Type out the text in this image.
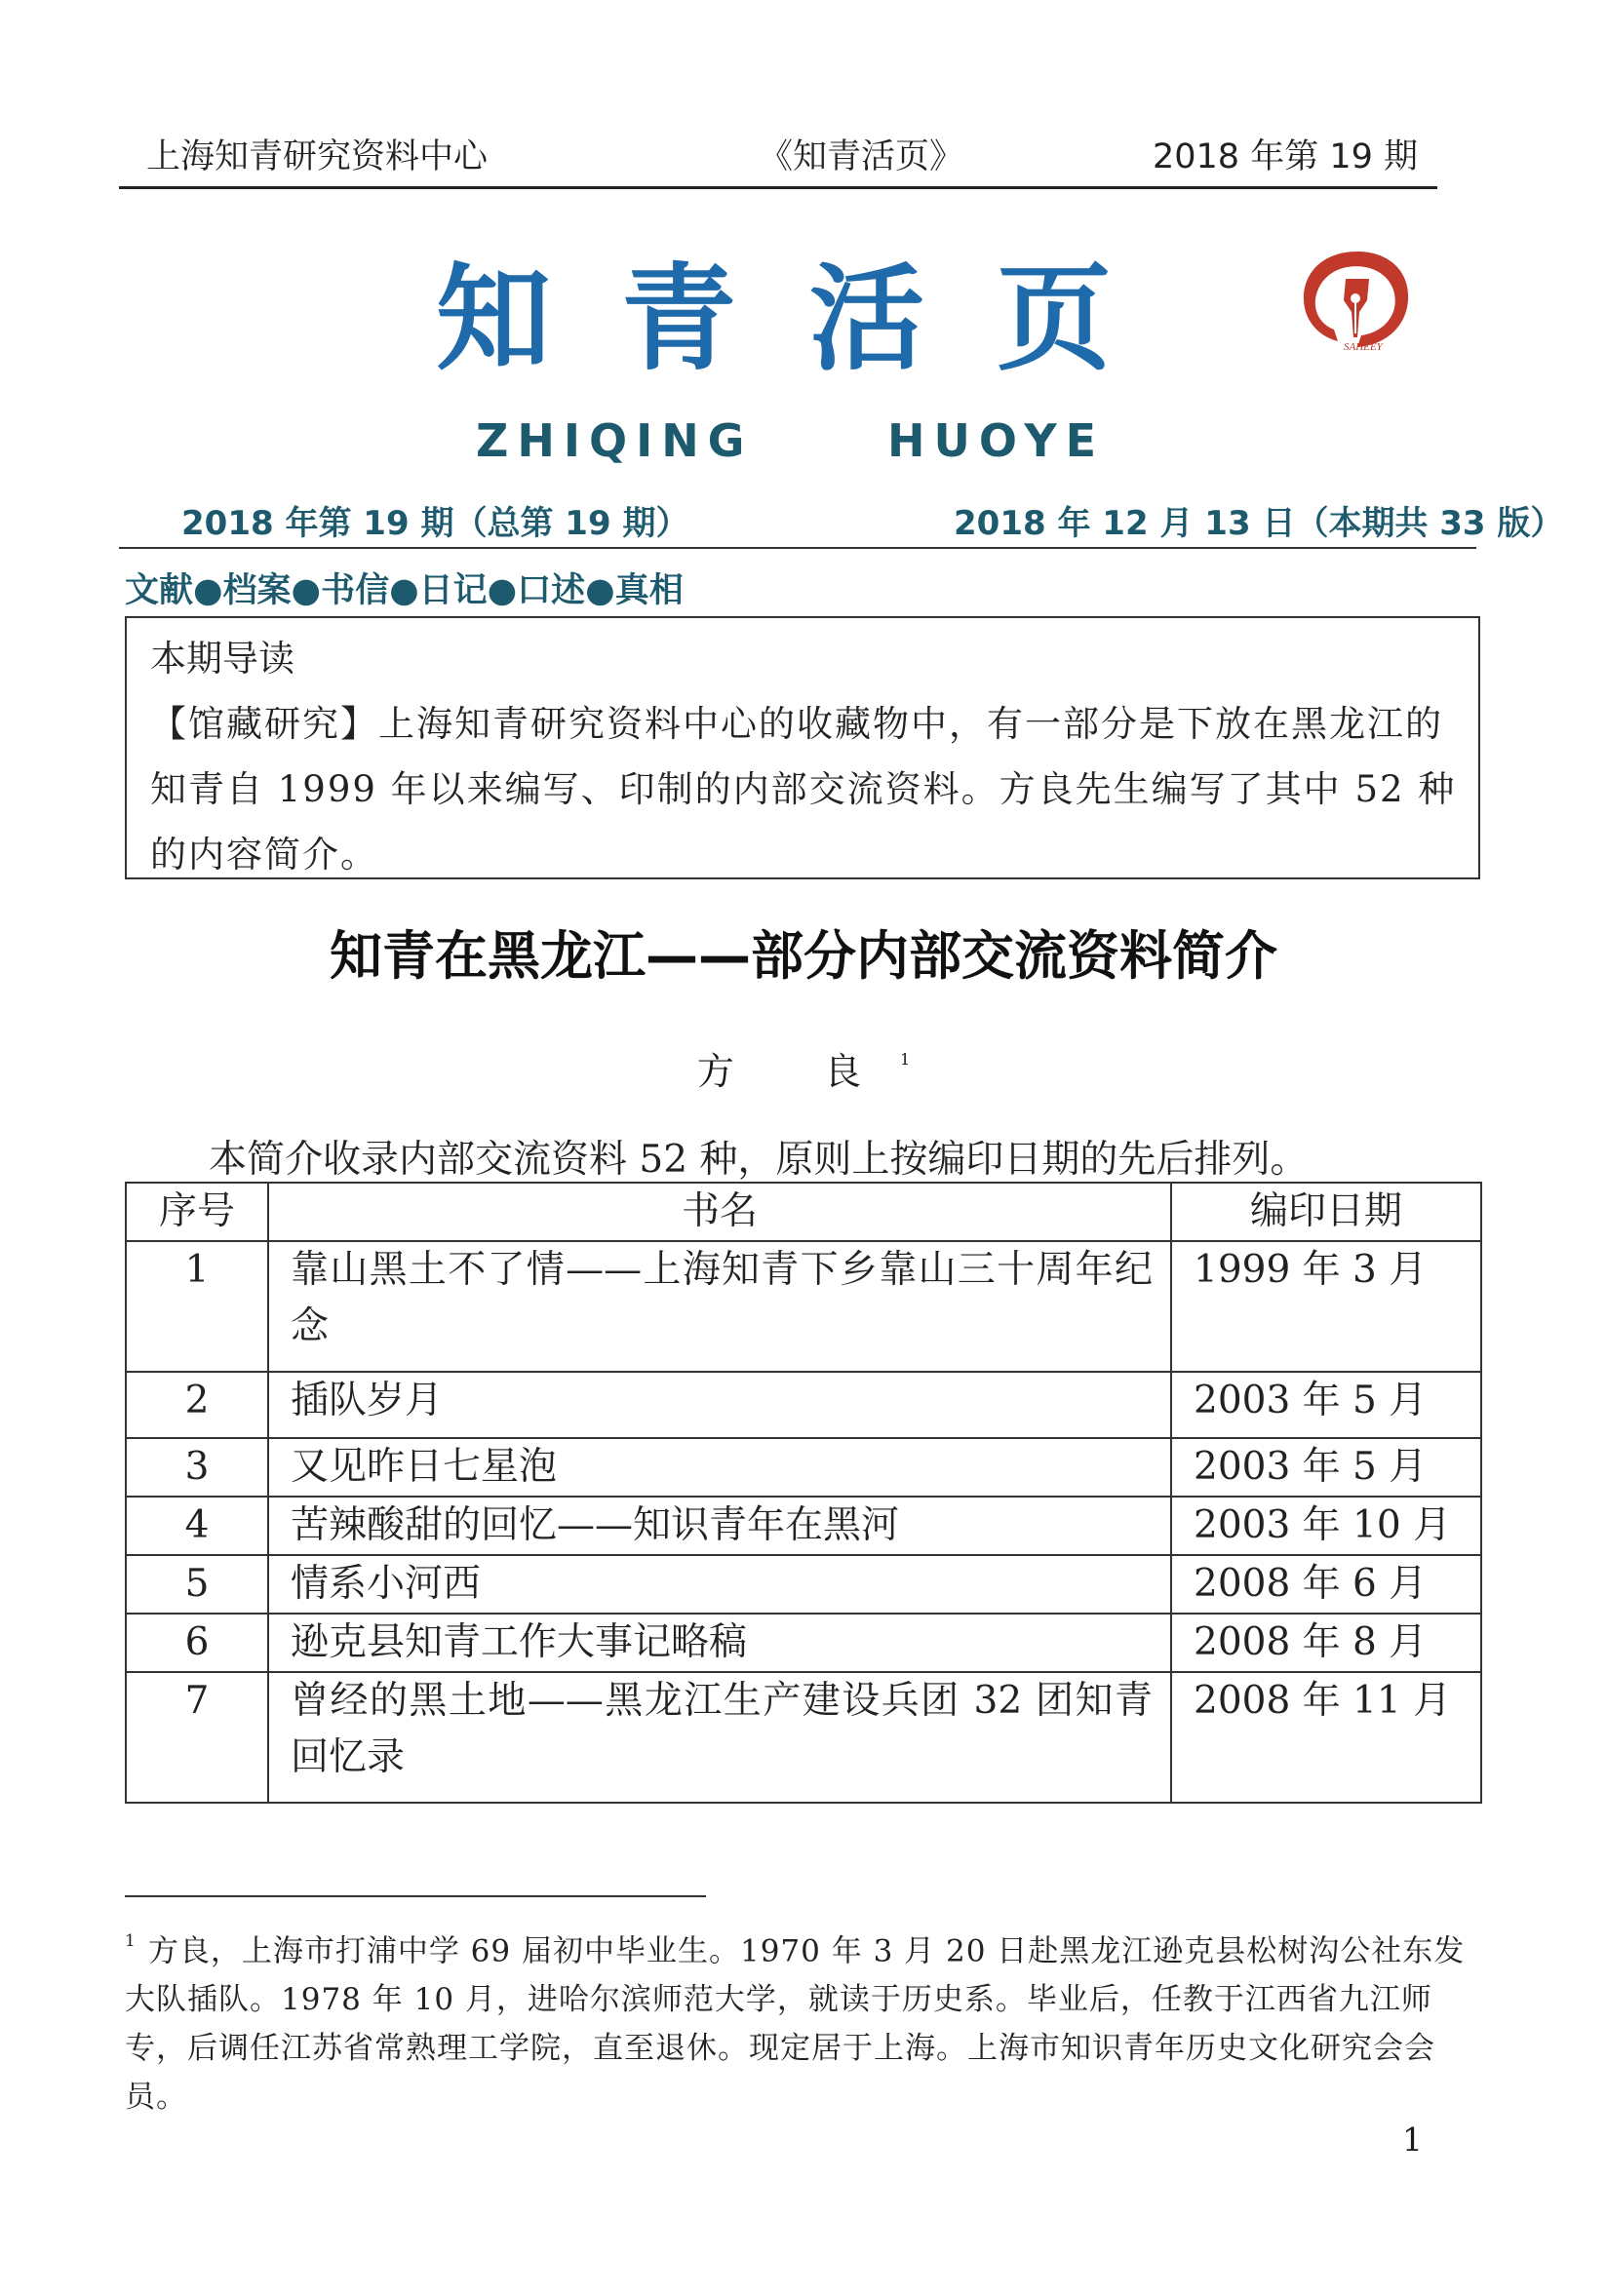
上海知青研究资料中心	《知青活页》	2018 年第 19 期
知 青 活 页
ZHIQING	HUOYE
SAHEEY
2018 年第 19 期（总第 19 期）	2018 年 12 月 13 日（本期共 33 版）
文献●档案●书信●日记●口述●真相
本期导读
【馆藏研究】上海知青研究资料中心的收藏物中，有一部分是下放在黑龙江的知青自 1999 年以来编写、印制的内部交流资料。方良先生编写了其中 52 种的内容简介。
知青在黑龙江——部分内部交流资料简介
方 良$^1$
本简介收录内部交流资料 52 种，原则上按编印日期的先后排列。
序号	书名	编印日期
1	靠山黑土不了情——上海知青下乡靠山三十周年纪念	1999 年 3 月
2	插队岁月	2003 年 5 月
3	又见昨日七星泡	2003 年 5 月
4	苦辣酸甜的回忆——知识青年在黑河	2003 年 10 月
5	情系小河西	2008 年 6 月
6	逊克县知青工作大事记略稿	2008 年 8 月
7	曾经的黑土地——黑龙江生产建设兵团 32 团知青回忆录	2008 年 11 月
$^1$ 方良，上海市打浦中学 69 届初中毕业生。1970 年 3 月 20 日赴黑龙江逊克县松树沟公社东发大队插队。1978 年 10 月，进哈尔滨师范大学，就读于历史系。毕业后，任教于江西省九江师专，后调任江苏省常熟理工学院，直至退休。现定居于上海。上海市知识青年历史文化研究会会员。
1
